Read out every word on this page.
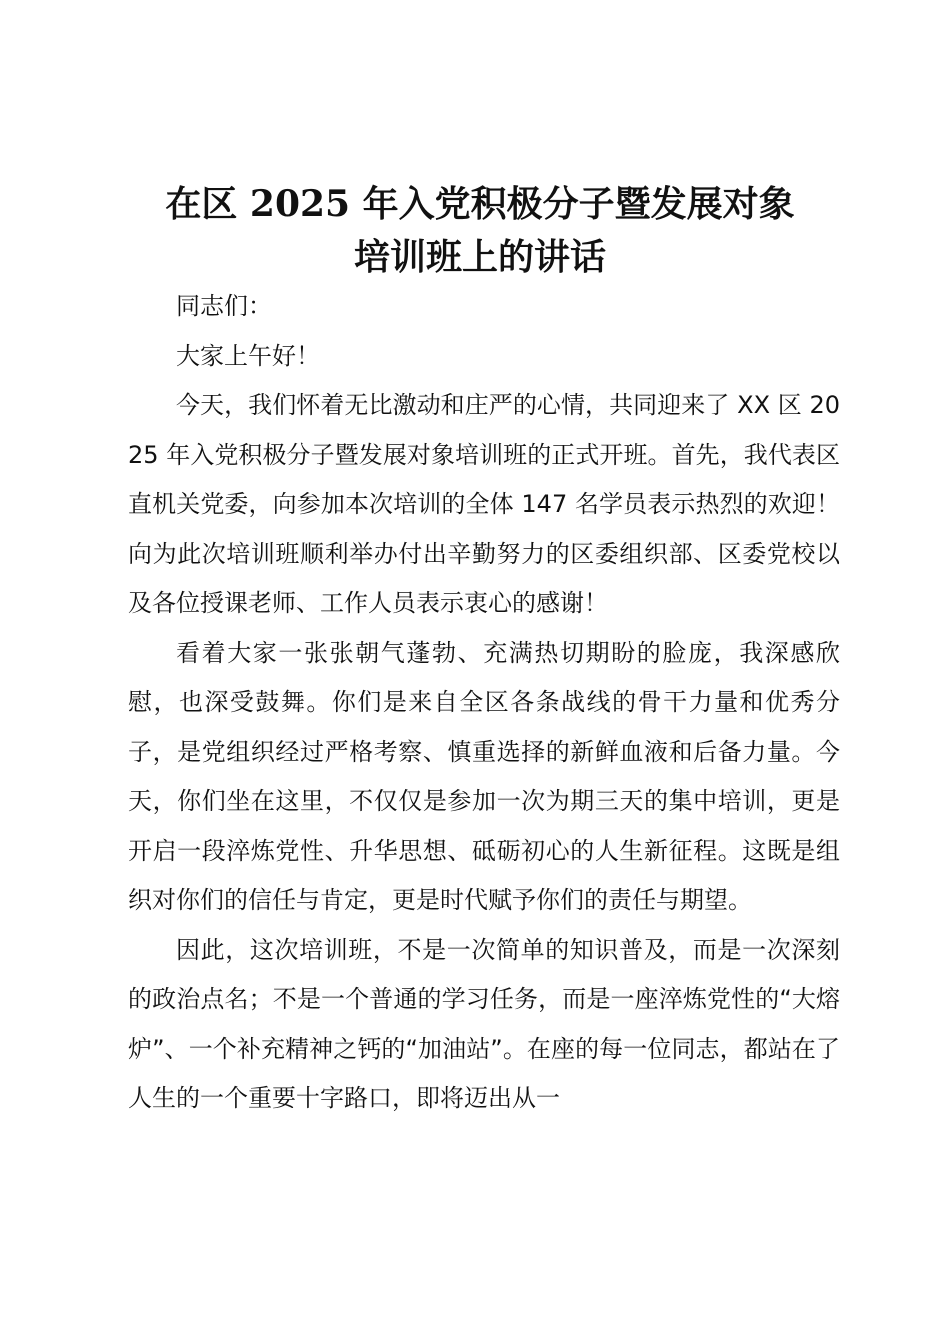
在区 2025 年入党积极分子暨发展对象
培训班上的讲话

同志们：

大家上午好！

今天，我们怀着无比激动和庄严的心情，共同迎来了 XX 区 2025 年入党积极分子暨发展对象培训班的正式开班。首先，我代表区直机关党委，向参加本次培训的全体 147 名学员表示热烈的欢迎！向为此次培训班顺利举办付出辛勤努力的区委组织部、区委党校以及各位授课老师、工作人员表示衷心的感谢！

看着大家一张张朝气蓬勃、充满热切期盼的脸庞，我深感欣慰，也深受鼓舞。你们是来自全区各条战线的骨干力量和优秀分子，是党组织经过严格考察、慎重选择的新鲜血液和后备力量。今天，你们坐在这里，不仅仅是参加一次为期三天的集中培训，更是开启一段淬炼党性、升华思想、砥砺初心的人生新征程。这既是组织对你们的信任与肯定，更是时代赋予你们的责任与期望。

因此，这次培训班，不是一次简单的知识普及，而是一次深刻的政治点名；不是一个普通的学习任务，而是一座淬炼党性的“大熔炉”、一个补充精神之钙的“加油站”。在座的每一位同志，都站在了人生的一个重要十字路口，即将迈出从一
